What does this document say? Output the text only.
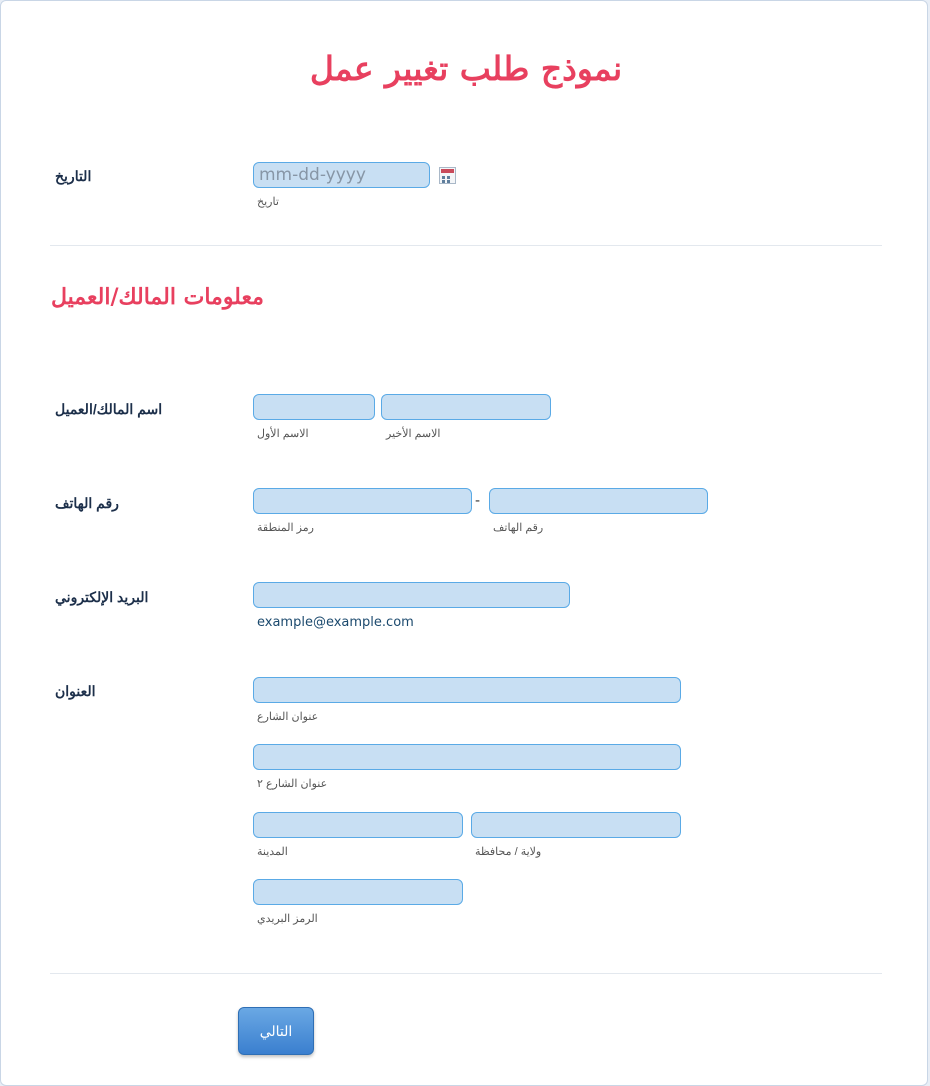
نموذج طلب تغيير عمل
التاريخ
mm-dd-yyyy
تاريخ
معلومات المالك/العميل
اسم المالك/العميل
الاسم الأول	الاسم الأخير
رقم الهاتف	-
رمز المنطقة	رقم الهاتف
البريد الإلكتروني
example@example.com
العنوان
عنوان الشارع
عنوان الشارع ٢
المدينة	ولاية / محافظة
الرمز البريدي
التالي
